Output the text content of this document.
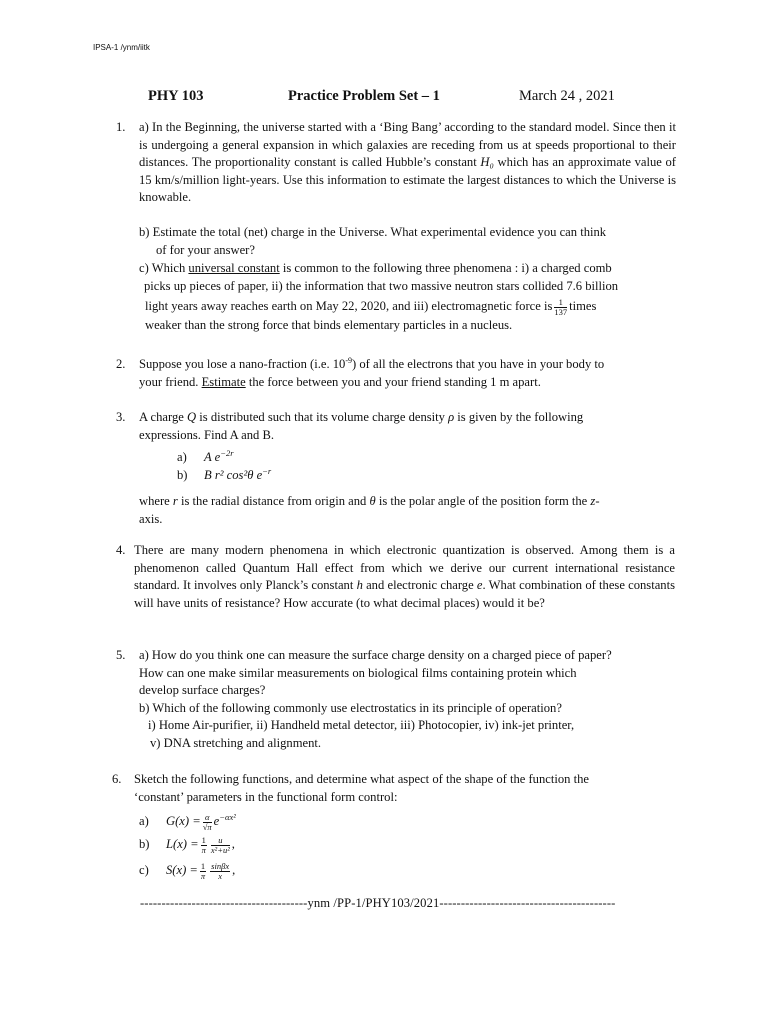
IPSA-1 /ynm/iitk
PHY 103	Practice Problem Set – 1	March 24 , 2021
1. a) In the Beginning, the universe started with a ‘Bing Bang’ according to the standard model. Since then it is undergoing a general expansion in which galaxies are receding from us at speeds proportional to their distances. The proportionality constant is called Hubble’s constant H₀ which has an approximate value of 15 km/s/million light-years. Use this information to estimate the largest distances to which the Universe is knowable.
b) Estimate the total (net) charge in the Universe. What experimental evidence you can think
of for your answer?
c) Which universal constant is common to the following three phenomena : i) a charged comb
picks up pieces of paper, ii) the information that two massive neutron stars collided 7.6 billion
light years away reaches earth on May 22, 2020, and iii) electromagnetic force is $\frac{1}{137}$ times
weaker than the strong force that binds elementary particles in a nucleus.
2. Suppose you lose a nano-fraction (i.e. $10^{-9}$) of all the electrons that you have in your body to
your friend. Estimate the force between you and your friend standing 1 m apart.
3. A charge Q is distributed such that its volume charge density ρ is given by the following
expressions. Find A and B.
a) A $e^{-2r}$
b) B r² cos²θ $e^{-r}$
where r is the radial distance from origin and θ is the polar angle of the position form the z-
axis.
4. There are many modern phenomena in which electronic quantization is observed. Among them is a phenomenon called Quantum Hall effect from which we derive our current international resistance standard. It involves only Planck’s constant h and electronic charge e. What combination of these constants will have units of resistance? How accurate (to what decimal places) would it be?
5. a) How do you think one can measure the surface charge density on a charged piece of paper?
How can one make similar measurements on biological films containing protein which
develop surface charges?
b) Which of the following commonly use electrostatics in its principle of operation?
i) Home Air-purifier, ii) Handheld metal detector, iii) Photocopier, iv) ink-jet printer,
v) DNA stretching and alignment.
6. Sketch the following functions, and determine what aspect of the shape of the function the
‘constant’ parameters in the functional form control:
a) $G(x) = \frac{\alpha}{√\pi} e^{-\alpha x^2}$
b) $L(x) = \frac{1}{\pi} \frac{u}{\text{x²+u²}}$ ,
c) $S(x) = \frac{1}{\pi} \frac{\sin\beta x}{x}$ ,
---------------------------------------ynm /PP-1/PHY103/2021-----------------------------------------
